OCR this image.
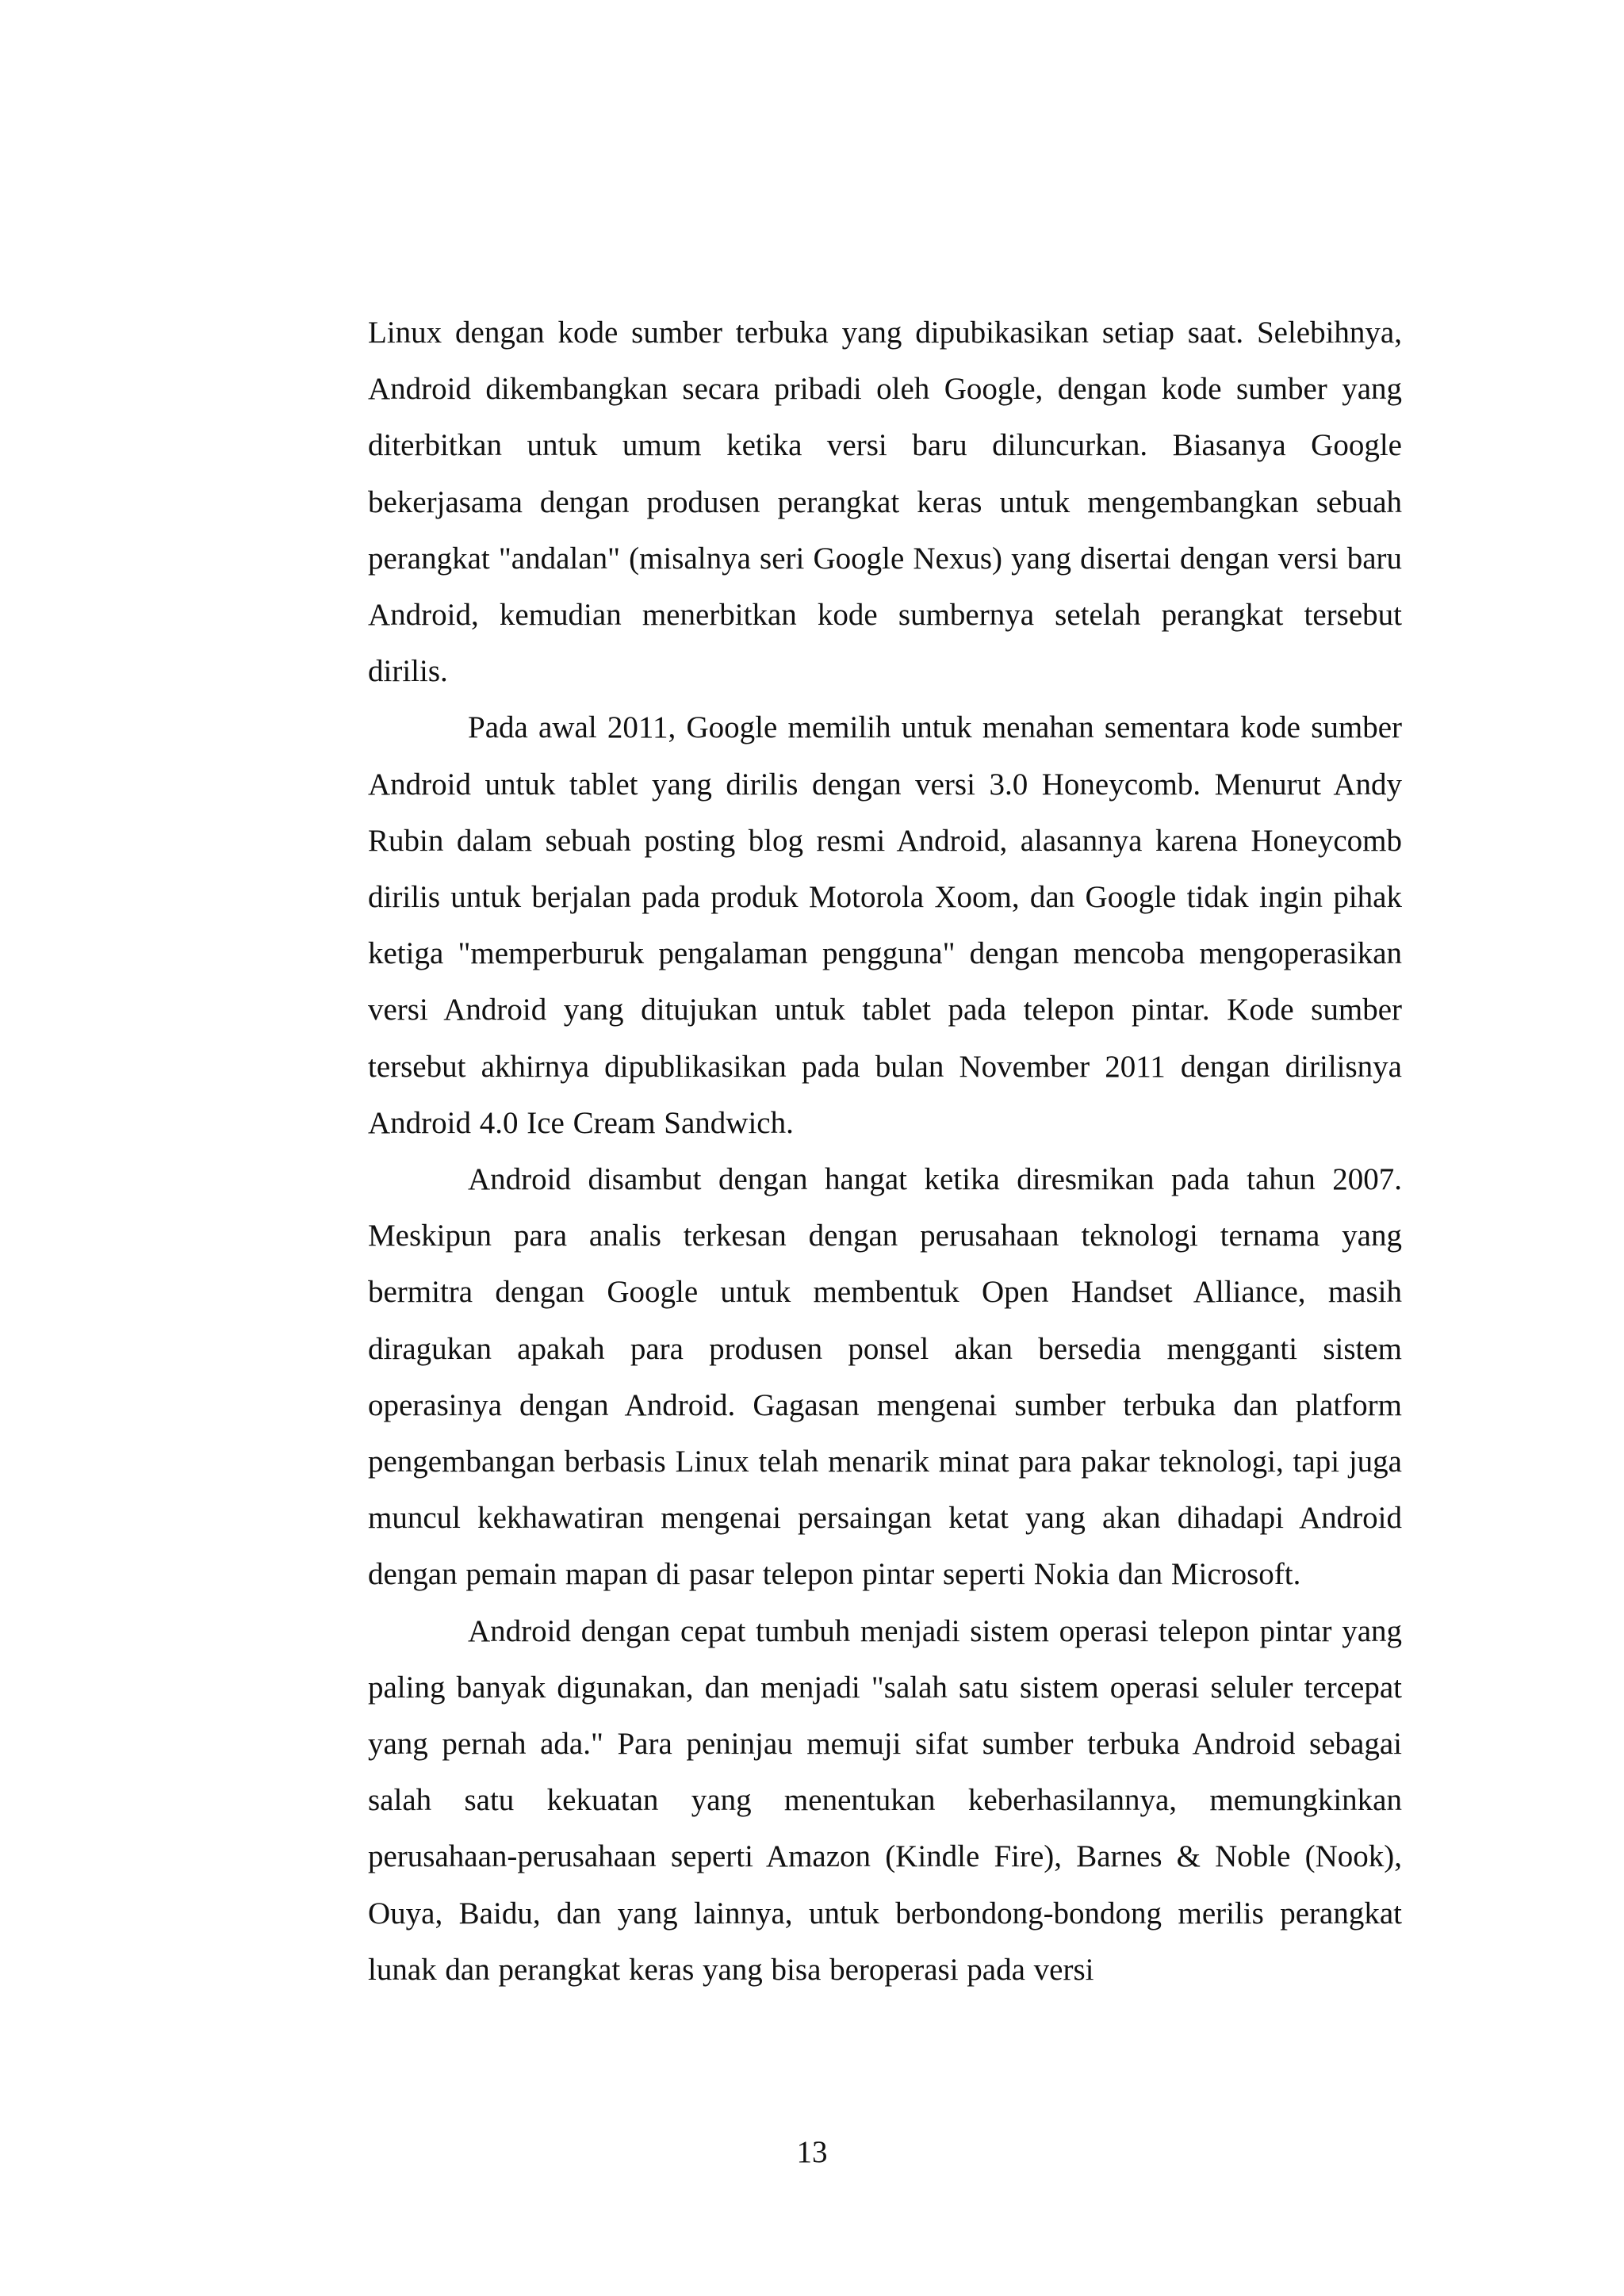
Linux dengan kode sumber terbuka yang dipubikasikan setiap saat. Selebihnya, Android dikembangkan secara pribadi oleh Google, dengan kode sumber yang diterbitkan untuk umum ketika versi baru diluncurkan. Biasanya Google bekerjasama dengan produsen perangkat keras untuk mengembangkan sebuah perangkat "andalan" (misalnya seri Google Nexus) yang disertai dengan versi baru Android, kemudian menerbitkan kode sumbernya setelah perangkat tersebut dirilis.

Pada awal 2011, Google memilih untuk menahan sementara kode sumber Android untuk tablet yang dirilis dengan versi 3.0 Honeycomb. Menurut Andy Rubin dalam sebuah posting blog resmi Android, alasannya karena Honeycomb dirilis untuk berjalan pada produk Motorola Xoom, dan Google tidak ingin pihak ketiga "memperburuk pengalaman pengguna" dengan mencoba mengoperasikan versi Android yang ditujukan untuk tablet pada telepon pintar. Kode sumber tersebut akhirnya dipublikasikan pada bulan November 2011 dengan dirilisnya Android 4.0 Ice Cream Sandwich.

Android disambut dengan hangat ketika diresmikan pada tahun 2007. Meskipun para analis terkesan dengan perusahaan teknologi ternama yang bermitra dengan Google untuk membentuk Open Handset Alliance, masih diragukan apakah para produsen ponsel akan bersedia mengganti sistem operasinya dengan Android. Gagasan mengenai sumber terbuka dan platform pengembangan berbasis Linux telah menarik minat para pakar teknologi, tapi juga muncul kekhawatiran mengenai persaingan ketat yang akan dihadapi Android dengan pemain mapan di pasar telepon pintar seperti Nokia dan Microsoft.

Android dengan cepat tumbuh menjadi sistem operasi telepon pintar yang paling banyak digunakan, dan menjadi "salah satu sistem operasi seluler tercepat yang pernah ada." Para peninjau memuji sifat sumber terbuka Android sebagai salah satu kekuatan yang menentukan keberhasilannya, memungkinkan perusahaan-perusahaan seperti Amazon (Kindle Fire), Barnes & Noble (Nook), Ouya, Baidu, dan yang lainnya, untuk berbondong-bondong merilis perangkat lunak dan perangkat keras yang bisa beroperasi pada versi

13
